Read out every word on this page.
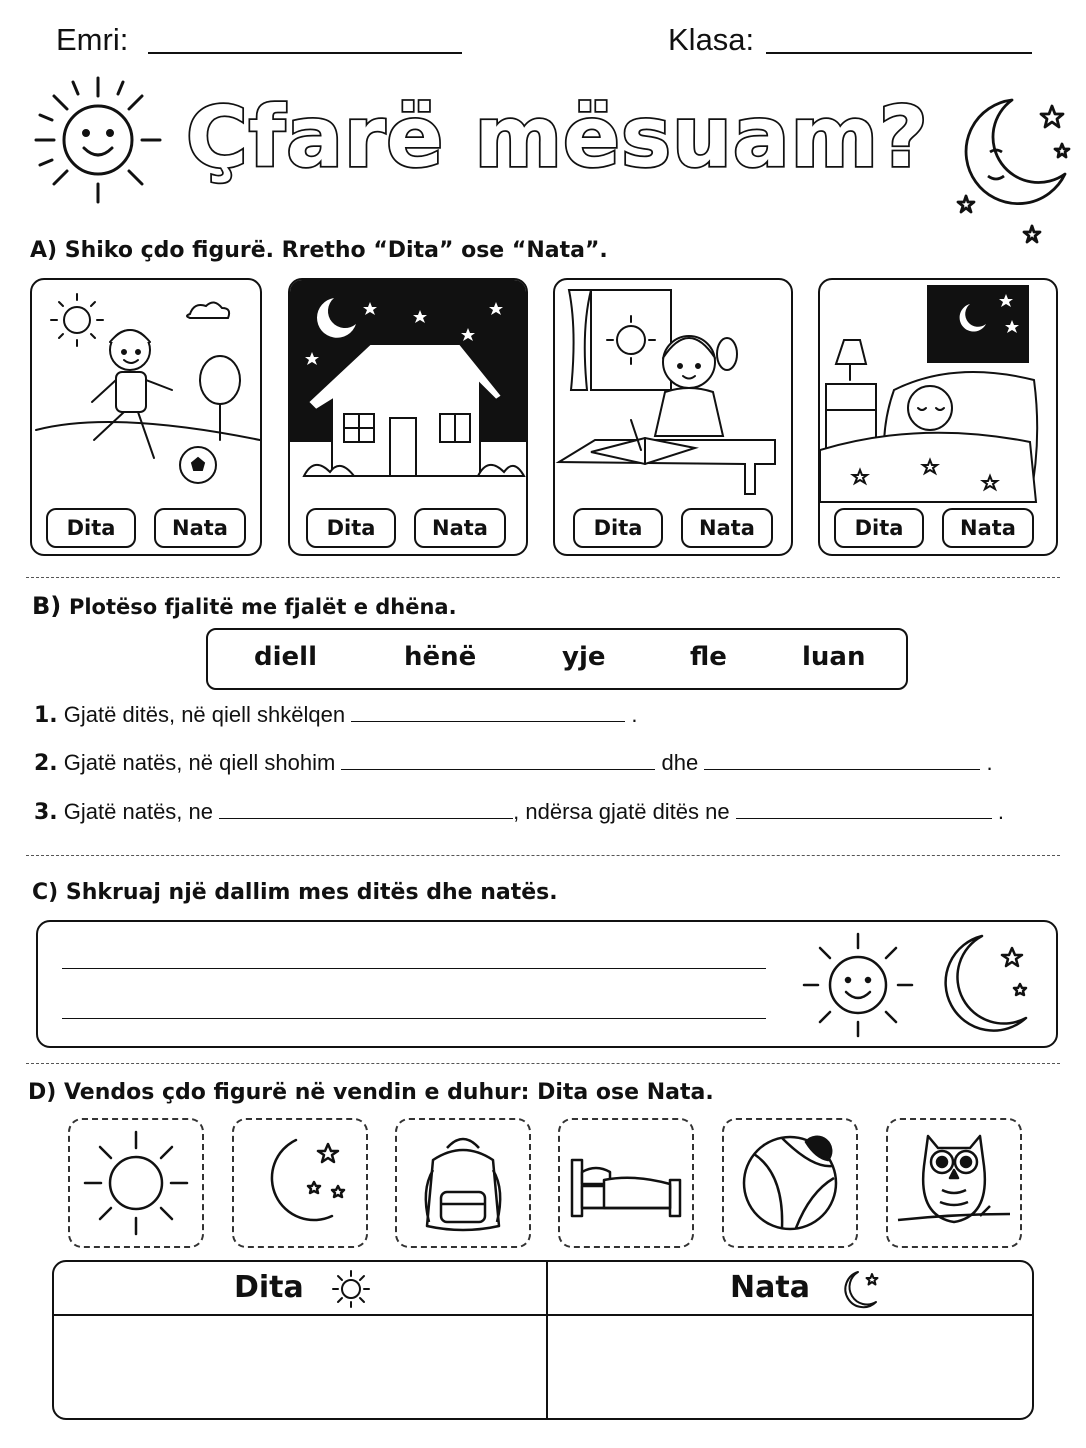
Emri:	Klasa:
Çfarë mësuam?
A) Shiko çdo figurë. Rretho “Dita” ose “Nata”.
Dita	Nata	Dita	Nata	Dita	Nata	Dita	Nata
B) Plotëso fjalitë me fjalët e dhëna.
diell	hënë	yje	fle	luan
1. Gjatë ditës, në qiell shkëlqen	.
2. Gjatë natës, në qiell shohim	dhe	.
3. Gjatë natës, ne	, ndërsa gjatë ditës ne	.
C) Shkruaj një dallim mes ditës dhe natës.
D) Vendos çdo figurë në vendin e duhur: Dita ose Nata.
Dita	Nata
